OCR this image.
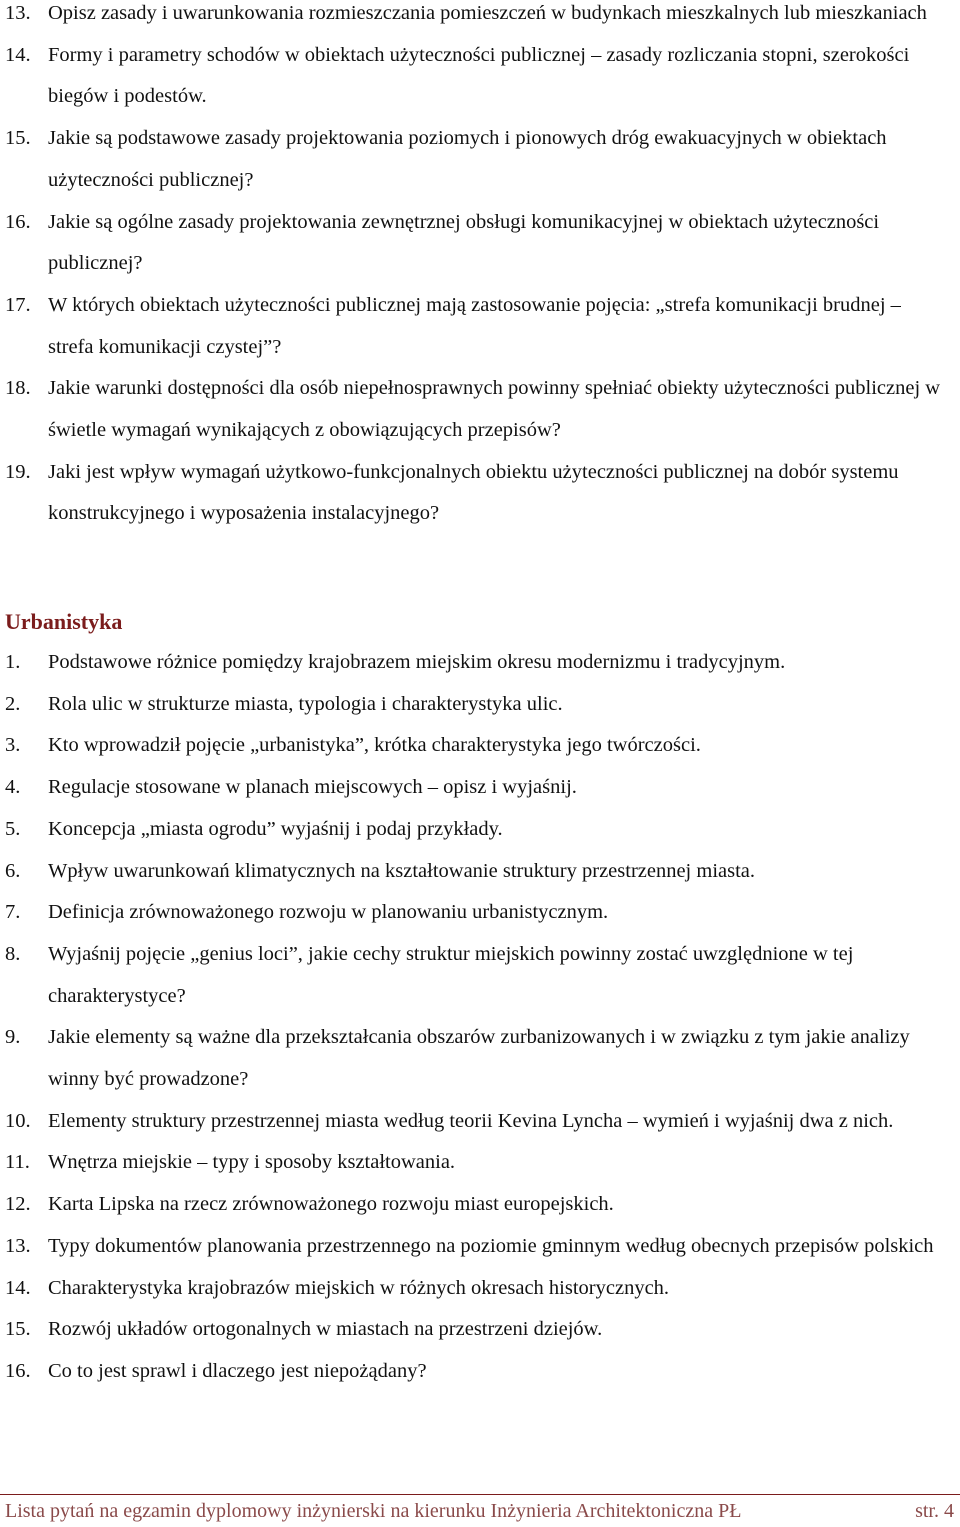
13. Opisz zasady i uwarunkowania rozmieszczania pomieszczeń w budynkach mieszkalnych lub mieszkaniach
14. Formy i parametry schodów w obiektach użyteczności publicznej – zasady rozliczania stopni, szerokości biegów i podestów.
15. Jakie są podstawowe zasady projektowania poziomych i pionowych dróg ewakuacyjnych w obiektach użyteczności publicznej?
16. Jakie są ogólne zasady projektowania zewnętrznej obsługi komunikacyjnej w obiektach użyteczności publicznej?
17. W których obiektach użyteczności publicznej mają zastosowanie pojęcia: „strefa komunikacji brudnej – strefa komunikacji czystej”?
18. Jakie warunki dostępności dla osób niepełnosprawnych powinny spełniać obiekty użyteczności publicznej w świetle wymagań wynikających z obowiązujących przepisów?
19. Jaki jest wpływ wymagań użytkowo-funkcjonalnych obiektu użyteczności publicznej na dobór systemu konstrukcyjnego i wyposażenia instalacyjnego?
Urbanistyka
1.	Podstawowe różnice pomiędzy krajobrazem miejskim okresu modernizmu i tradycyjnym.
2.	Rola ulic w strukturze miasta, typologia i charakterystyka ulic.
3.	Kto wprowadził pojęcie „urbanistyka”, krótka charakterystyka jego twórczości.
4.	Regulacje stosowane w planach miejscowych – opisz i wyjaśnij.
5.	Koncepcja „miasta ogrodu” wyjaśnij i podaj przykłady.
6.	Wpływ uwarunkowań klimatycznych na kształtowanie struktury przestrzennej miasta.
7.	Definicja zrównoważonego rozwoju w planowaniu urbanistycznym.
8.	Wyjaśnij pojęcie „genius loci”, jakie cechy struktur miejskich powinny zostać uwzględnione w tej charakterystyce?
9.	Jakie elementy są ważne dla przekształcania obszarów zurbanizowanych i w związku z tym jakie analizy winny być prowadzone?
10. Elementy struktury przestrzennej miasta według teorii Kevina Lyncha – wymień i wyjaśnij dwa z nich.
11. Wnętrza miejskie – typy i sposoby kształtowania.
12. Karta Lipska na rzecz zrównoważonego rozwoju miast europejskich.
13. Typy dokumentów planowania przestrzennego na poziomie gminnym według obecnych przepisów polskich
14. Charakterystyka krajobrazów miejskich w różnych okresach historycznych.
15. Rozwój układów ortogonalnych w miastach na przestrzeni dziejów.
16. Co to jest sprawl i dlaczego jest niepożądany?
Lista pytań na egzamin dyplomowy inżynierski na kierunku Inżynieria Architektoniczna PŁ	str. 4
